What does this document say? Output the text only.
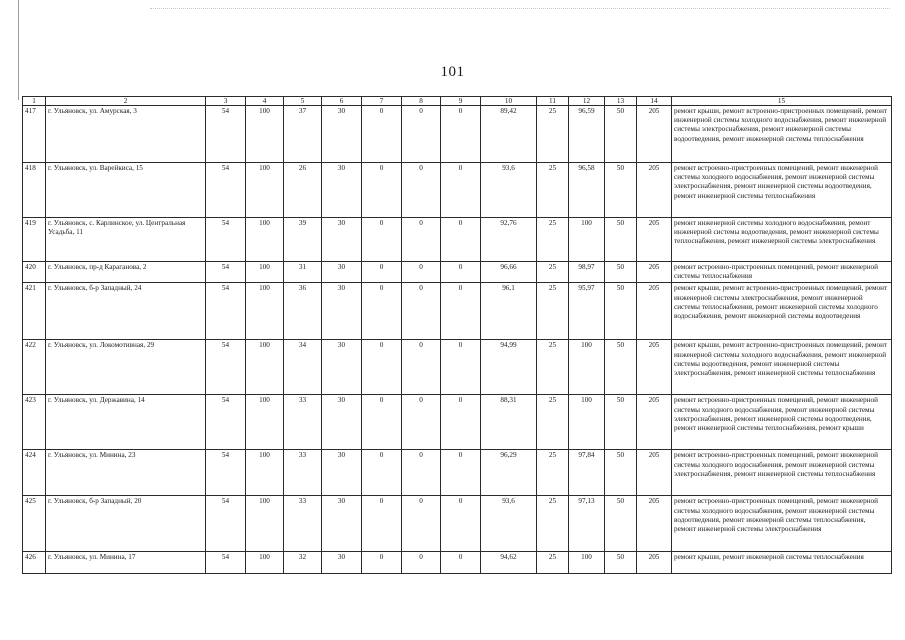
101
1	2	3	4	5	6	7	8	9	10	11	12	13	14	15
417	г. Ульяновск, ул. Амурская, 3	54	100	37	30	0	0	0	89,42	25	96,59	50	205	ремонт крыши, ремонт встроенно-пристроенных помещений, ремонт инженерной системы холодного водоснабжения, ремонт инженерной системы электроснабжения, ремонт инженерной системы водоотведения, ремонт инженерной системы теплоснабжения
418	г. Ульяновск, ул. Варейкиса, 15	54	100	26	30	0	0	0	93,6	25	96,58	50	205	ремонт встроенно-пристроенных помещений, ремонт инженерной системы холодного водоснабжения, ремонт инженерной системы электроснабжения, ремонт инженерной системы водоотведения, ремонт инженерной системы теплоснабжения
419	г. Ульяновск, с. Карлинское, ул. Центральная Усадьба, 11	54	100	39	30	0	0	0	92,76	25	100	50	205	ремонт инженерной системы холодного водоснабжения, ремонт инженерной системы водоотведения, ремонт инженерной системы теплоснабжения, ремонт инженерной системы электроснабжения
420	г. Ульяновск, пр-д Караганова, 2	54	100	31	30	0	0	0	96,66	25	98,97	50	205	ремонт встроенно-пристроенных помещений, ремонт инженерной системы теплоснабжения
421	г. Ульяновск, б-р Западный, 24	54	100	36	30	0	0	0	96,1	25	95,97	50	205	ремонт крыши, ремонт встроенно-пристроенных помещений, ремонт инженерной системы электроснабжения, ремонт инженерной системы теплоснабжения, ремонт инженерной системы холодного водоснабжения, ремонт инженерной системы водоотведения
422	г. Ульяновск, ул. Локомотивная, 29	54	100	34	30	0	0	0	94,99	25	100	50	205	ремонт крыши, ремонт встроенно-пристроенных помещений, ремонт инженерной системы холодного водоснабжения, ремонт инженерной системы водоотведения, ремонт инженерной системы электроснабжения, ремонт инженерной системы теплоснабжения
423	г. Ульяновск, ул. Державина, 14	54	100	33	30	0	0	0	88,31	25	100	50	205	ремонт встроенно-пристроенных помещений, ремонт инженерной системы холодного водоснабжения, ремонт инженерной системы электроснабжения, ремонт инженерной системы водоотведения, ремонт инженерной системы теплоснабжения, ремонт крыши
424	г. Ульяновск, ул. Минина, 23	54	100	33	30	0	0	0	96,29	25	97,84	50	205	ремонт встроенно-пристроенных помещений, ремонт инженерной системы холодного водоснабжения, ремонт инженерной системы электроснабжения, ремонт инженерной системы теплоснабжения
425	г. Ульяновск, б-р Западный, 20	54	100	33	30	0	0	0	93,6	25	97,13	50	205	ремонт встроенно-пристроенных помещений, ремонт инженерной системы холодного водоснабжения, ремонт инженерной системы водоотведения, ремонт инженерной системы теплоснабжения, ремонт инженерной системы электроснабжения
426	г. Ульяновск, ул. Минина, 17	54	100	32	30	0	0	0	94,62	25	100	50	205	ремонт крыши, ремонт инженерной системы теплоснабжения
